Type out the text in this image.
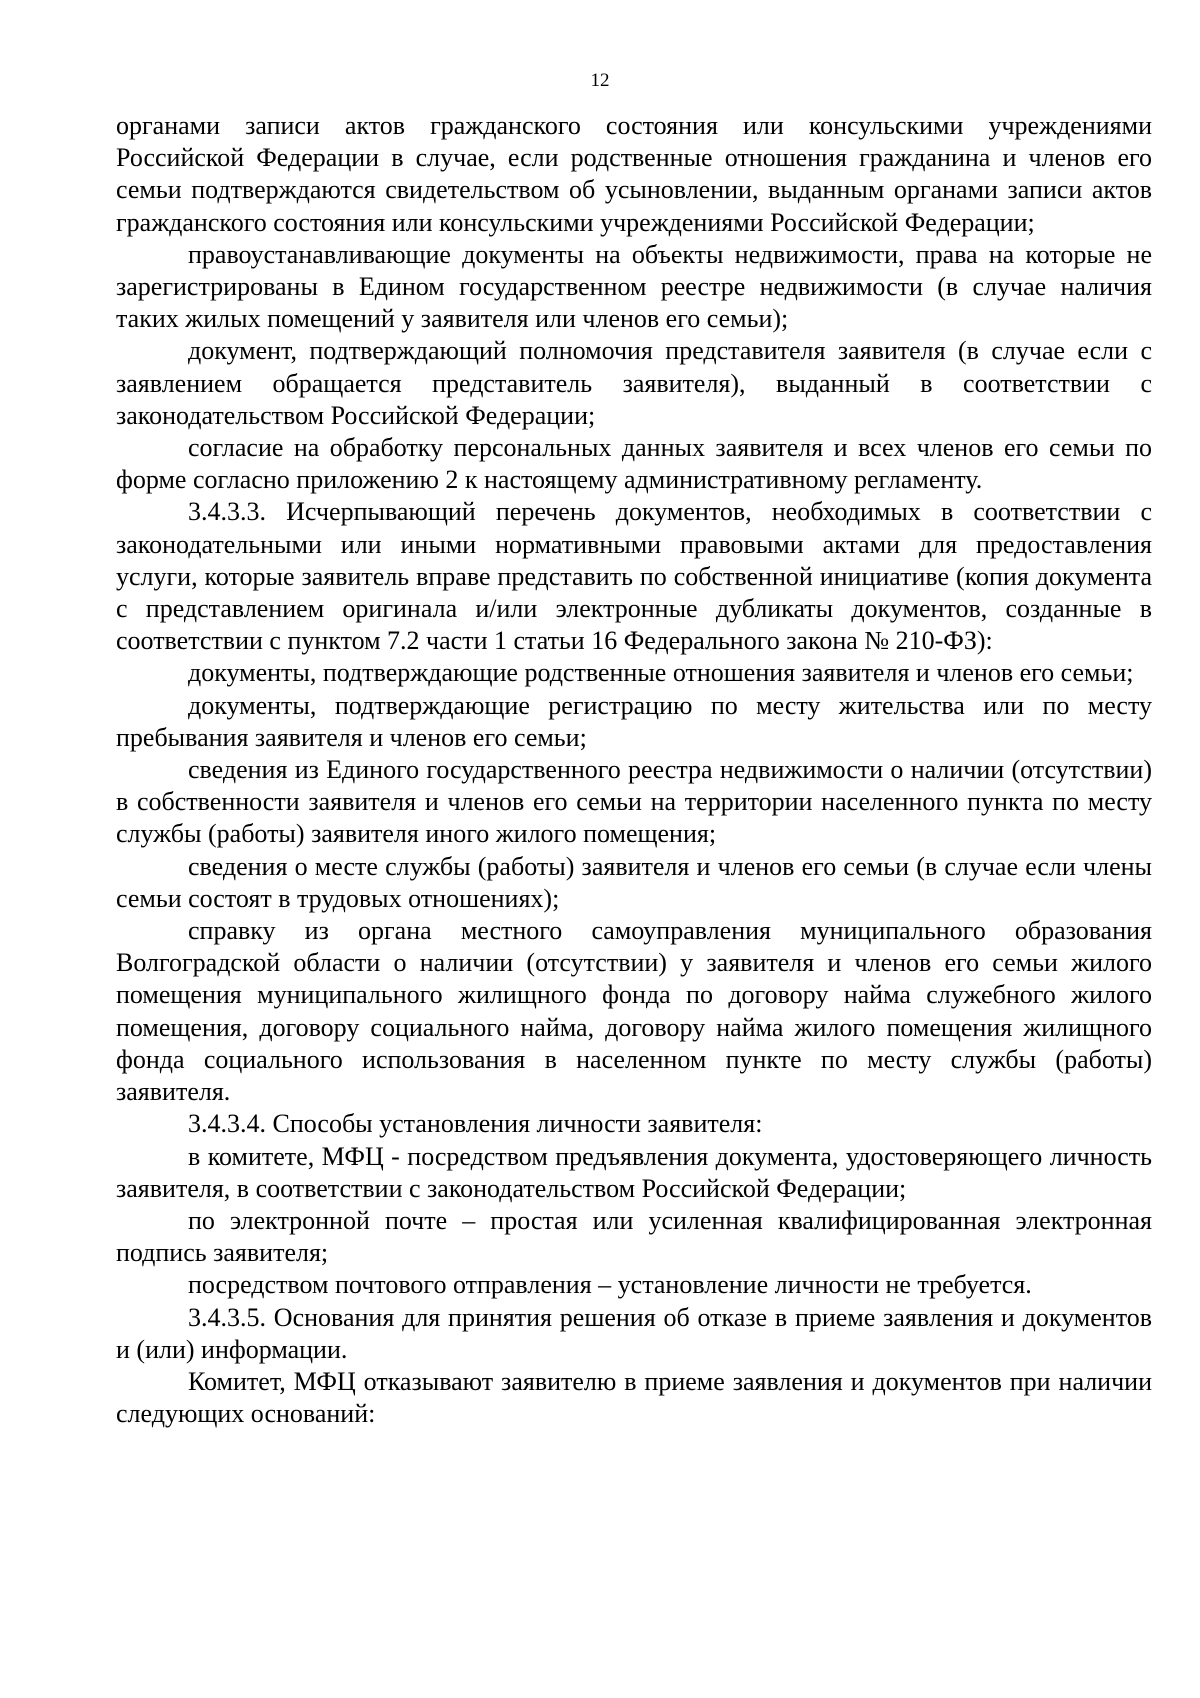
12

органами записи актов гражданского состояния или консульскими учреждениями Российской Федерации в случае, если родственные отношения гражданина и членов его семьи подтверждаются свидетельством об усыновлении, выданным органами записи актов гражданского состояния или консульскими учреждениями Российской Федерации;

правоустанавливающие документы на объекты недвижимости, права на которые не зарегистрированы в Едином государственном реестре недвижимости (в случае наличия таких жилых помещений у заявителя или членов его семьи);

документ, подтверждающий полномочия представителя заявителя (в случае если с заявлением обращается представитель заявителя), выданный в соответствии с законодательством Российской Федерации;

согласие на обработку персональных данных заявителя и всех членов его семьи по форме согласно приложению 2 к настоящему административному регламенту.

3.4.3.3. Исчерпывающий перечень документов, необходимых в соответствии с законодательными или иными нормативными правовыми актами для предоставления услуги, которые заявитель вправе представить по собственной инициативе (копия документа с представлением оригинала и/или электронные дубликаты документов, созданные в соответствии с пунктом 7.2 части 1 статьи 16 Федерального закона № 210-ФЗ):

документы, подтверждающие родственные отношения заявителя и членов его семьи;

документы, подтверждающие регистрацию по месту жительства или по месту пребывания заявителя и членов его семьи;

сведения из Единого государственного реестра недвижимости о наличии (отсутствии) в собственности заявителя и членов его семьи на территории населенного пункта по месту службы (работы) заявителя иного жилого помещения;

сведения о месте службы (работы) заявителя и членов его семьи (в случае если члены семьи состоят в трудовых отношениях);

справку из органа местного самоуправления муниципального образования Волгоградской области о наличии (отсутствии) у заявителя и членов его семьи жилого помещения муниципального жилищного фонда по договору найма служебного жилого помещения, договору социального найма, договору найма жилого помещения жилищного фонда социального использования в населенном пункте по месту службы (работы) заявителя.

3.4.3.4. Способы установления личности заявителя:

в комитете, МФЦ - посредством предъявления документа, удостоверяющего личность заявителя, в соответствии с законодательством Российской Федерации;

по электронной почте – простая или усиленная квалифицированная электронная подпись заявителя;

посредством почтового отправления – установление личности не требуется.

3.4.3.5. Основания для принятия решения об отказе в приеме заявления и документов и (или) информации.

Комитет, МФЦ отказывают заявителю в приеме заявления и документов при наличии следующих оснований:
